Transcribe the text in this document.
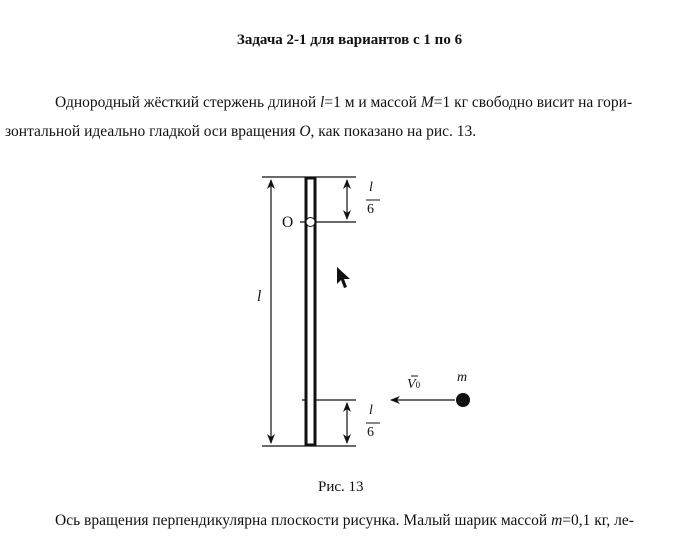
Задача 2-1 для вариантов с 1 по 6
Однородный жёсткий стержень длиной l=1 м и массой M=1 кг свободно висит на гори-
зонтальной идеально гладкой оси вращения O, как показано на рис. 13.
O
l
l
6
l
6
V0	m
Рис. 13
Ось вращения перпендикулярна плоскости рисунка. Малый шарик массой m=0,1 кг, ле-
